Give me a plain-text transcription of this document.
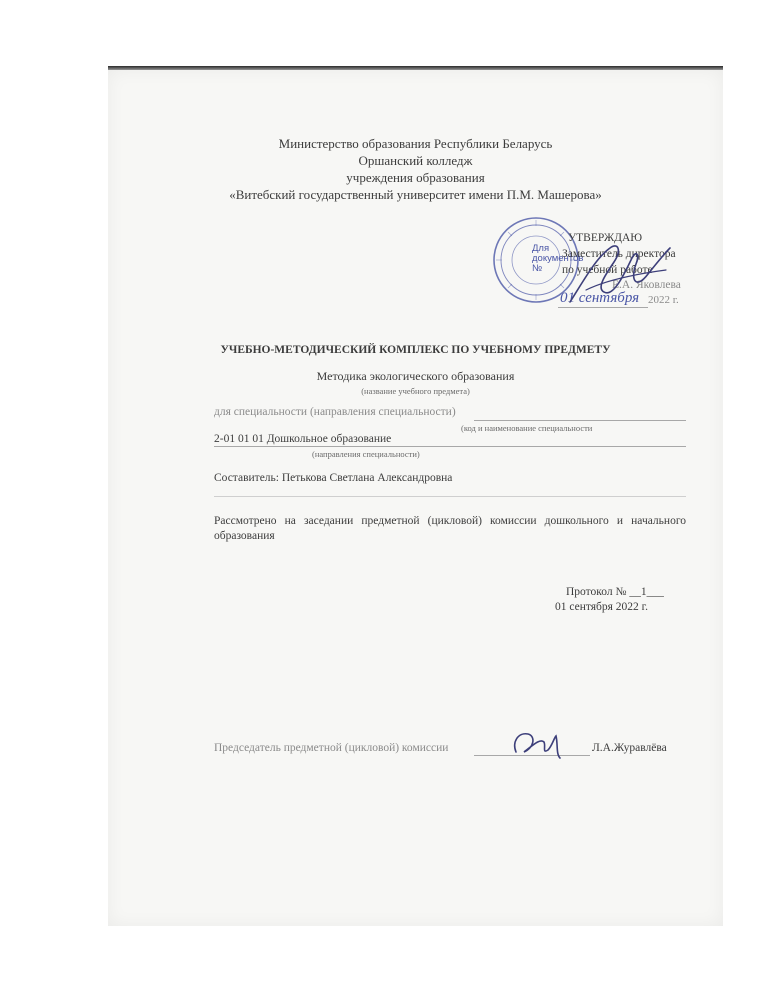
Министерство образования Республики Беларусь
Оршанский колледж
учреждения образования
«Витебский государственный университет имени П.М. Машерова»
Для
документов
№
УТВЕРЖДАЮ
Заместитель директора
по учебной работе
Е.А. Яковлева
01 сентября 2022 г.
УЧЕБНО-МЕТОДИЧЕСКИЙ КОМПЛЕКС ПО УЧЕБНОМУ ПРЕДМЕТУ
Методика экологического образования
(название учебного предмета)
для специальности (направления специальности)
(код и наименование специальности
2-01 01 01 Дошкольное образование
(направления специальности)
Составитель: Петькова Светлана Александровна
Рассмотрено на заседании предметной (цикловой) комиссии дошкольного и начального образования
Протокол № __1___
01 сентября 2022 г.
Председатель предметной (цикловой) комиссии	Л.А.Журавлёва
